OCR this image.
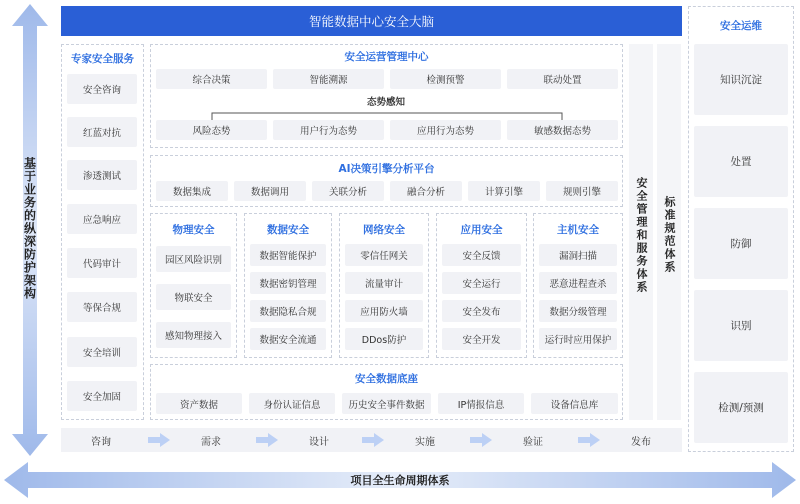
基于业务的纵深防护架构
项目全生命周期体系
智能数据中心安全大脑
专家安全服务
安全咨询
红蓝对抗
渗透测试
应急响应
代码审计
等保合规
安全培训
安全加固
安全运营管理中心
综合决策	智能溯源	检测预警	联动处置
态势感知
风险态势	用户行为态势	应用行为态势	敏感数据态势
AI决策引擎分析平台
数据集成	数据调用	关联分析	融合分析	计算引擎	规则引擎
物理安全
园区风险识别
物联安全
感知物理接入
数据安全
数据智能保护
数据密钥管理
数据隐私合规
数据安全流通
网络安全
零信任网关
流量审计
应用防火墙
DDos防护
应用安全
安全反馈
安全运行
安全发布
安全开发
主机安全
漏洞扫描
恶意进程查杀
数据分级管理
运行时应用保护
安全数据底座
资产数据	身份认证信息	历史安全事件数据	IP情报信息	设备信息库
安全管理和服务体系	标准规范体系
安全运维
知识沉淀
处置
防御
识别
检测/预测
咨询	需求	设计	实施	验证	发布
